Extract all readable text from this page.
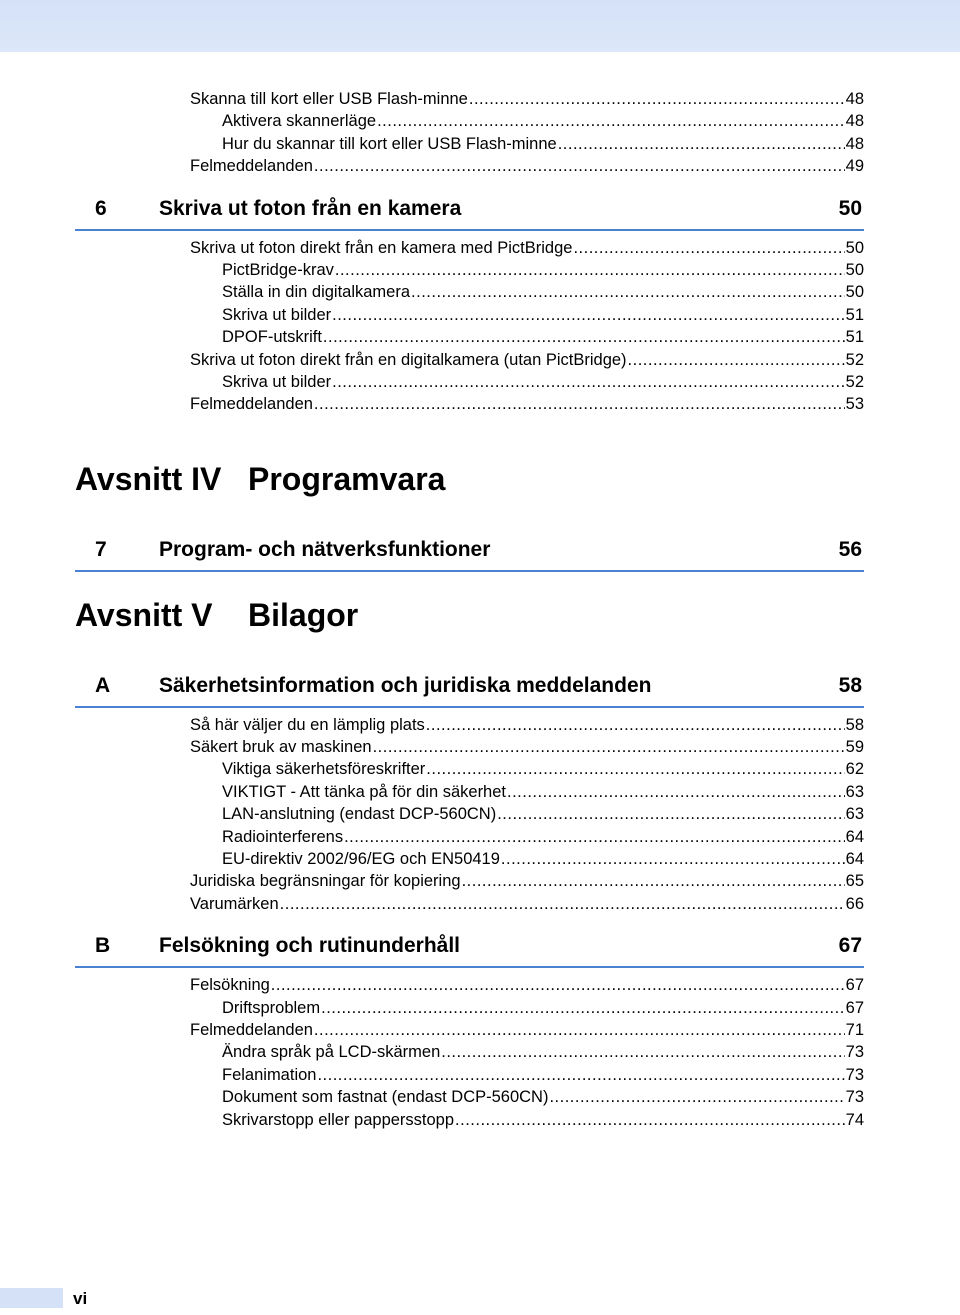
Skanna till kort eller USB Flash-minne .....	48
Aktivera skannerläge .....	48
Hur du skannar till kort eller USB Flash-minne .....	48
Felmeddelanden .....	49
6	Skriva ut foton från en kamera	50
Skriva ut foton direkt från en kamera med PictBridge .....	50
PictBridge-krav .....	50
Ställa in din digitalkamera .....	50
Skriva ut bilder .....	51
DPOF-utskrift .....	51
Skriva ut foton direkt från en digitalkamera (utan PictBridge) .....	52
Skriva ut bilder .....	52
Felmeddelanden .....	53
Avsnitt IV Programvara
7	Program- och nätverksfunktioner	56
Avsnitt V	Bilagor
A	Säkerhetsinformation och juridiska meddelanden	58
Så här väljer du en lämplig plats .....	58
Säkert bruk av maskinen .....	59
Viktiga säkerhetsföreskrifter .....	62
VIKTIGT - Att tänka på för din säkerhet .....	63
LAN-anslutning (endast DCP-560CN) .....	63
Radiointerferens .....	64
EU-direktiv 2002/96/EG och EN50419 .....	64
Juridiska begränsningar för kopiering .....	65
Varumärken .....	66
B	Felsökning och rutinunderhåll	67
Felsökning .....	67
Driftsproblem .....	67
Felmeddelanden .....	71
Ändra språk på LCD-skärmen .....	73
Felanimation .....	73
Dokument som fastnat (endast DCP-560CN) .....	73
Skrivarstopp eller pappersstopp .....	74
vi
